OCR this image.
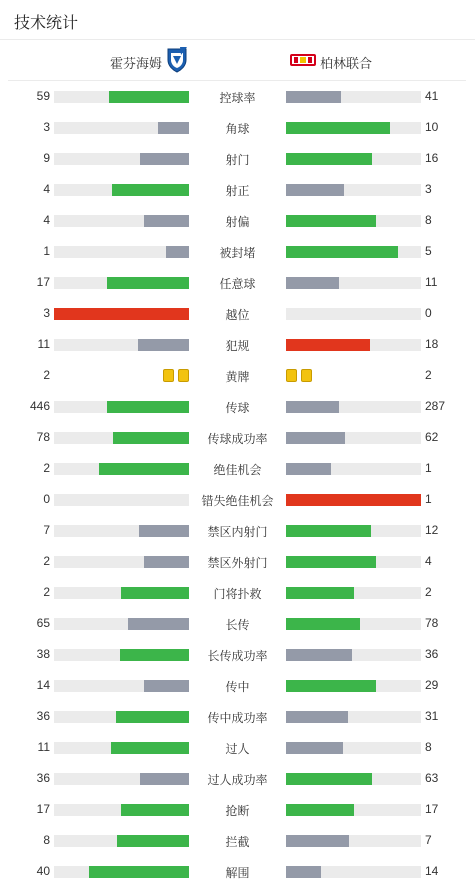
技术统计
霍芬海姆	柏林联合
59	控球率	41
3	角球	10
9	射门	16
4	射正	3
4	射偏	8
1	被封堵	5
17	任意球	11
3	越位	0
11	犯规	18
2	黄牌	2
446	传球	287
78	传球成功率	62
2	绝佳机会	1
0	错失绝佳机会	1
7	禁区内射门	12
2	禁区外射门	4
2	门将扑救	2
65	长传	78
38	长传成功率	36
14	传中	29
36	传中成功率	31
11	过人	8
36	过人成功率	63
17	抢断	17
8	拦截	7
40	解围	14
